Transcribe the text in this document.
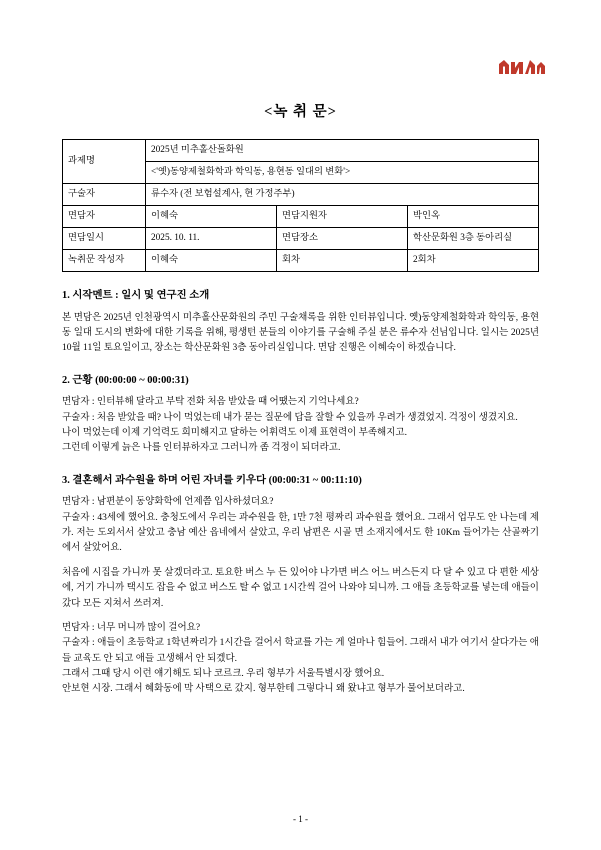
<녹 취 문>
과제명	2025년 미추홀산돌화원		
	<'옛)동양제철화학과 학익동, 용현동 일대의 변화'>		
구술자	류수자 (전 보험설계사, 현 가정주부)		
면담자	이혜숙	면담지원자	박인옥
면담일시	2025. 10. 11.	면담장소	학산문화원 3층 동아리실
녹취문 작성자	이혜숙	회차	2회차
1. 시작멘트 : 일시 및 연구진 소개

본 면담은 2025년 인천광역시 미추홀산문화원의 주민 구술채록을 위한 인터뷰입니다. 옛)동양제철화학과 학익동, 용현동 일대 도시의 변화에 대한 기록을 위해, 평생턴 분들의 이야기를 구술해 주실 분은 류수자 선님입니다. 일시는 2025년 10월 11일 토요일이고, 장소는 학산문화원 3층 동아리실입니다. 면담 진행은 이혜숙이 하겠습니다.

2. 근황 (00:00:00 ~ 00:00:31)

면담자 : 인터뷰해 달라고 부탁 전화 처음 받았을 때 어땠는지 기억나세요?

구술자 : 처음 받았을 때? 나이 먹었는데 내가 묻는 질문에 답을 잘할 수 있을까 우려가 생겼었지. 걱정이 생겼지요.

나이 먹었는데 이제 기억력도 희미해지고 달하는 어휘력도 이제 표현력이 부족해지고.

그런데 이렇게 늙은 나를 인터뷰하자고 그러니까 좀 걱정이 되더라고.

3. 결혼해서 과수원을 하며 어린 자녀를 키우다 (00:00:31 ~ 00:11:10)

면담자 : 남편분이 동양화학에 언제쯤 입사하셨더요?

구술자 : 43세에 했어요. 충청도에서 우리는 과수원을 한, 1만 7천 평짜리 과수원을 했어요. 그래서 업무도 안 나는데 제가. 저는 도외서서 살았고 충남 예산 읍네에서 살았고, 우리 남편은 시골 면 소재지에서도 한 10Km 들어가는 산골짜기에서 살았어요.

처음에 시집을 가니까 못 살겠더라고. 토요한 버스 누 든 있어야 나가면 버스 어느 버스든지 다 달 수 있고 다 편한 세상에, 거기 가니까 택시도 잡을 수 없고 버스도 탈 수 없고 1시간씩 걸어 나와야 되니까. 그 애들 초등학교를 넣는데 애들이 갔다 모든 지쳐서 쓰러져.

면담자 : 너무 머니까 많이 걸어요?

구술자 : 애들이 초등학교 1학년짜리가 1시간을 걸어서 학교를 가는 게 얼마나 힘들어. 그래서 내가 여기서 살다가는 애들 교육도 안 되고 애들 고생해서 안 되겠다.

그래서 그때 당시 이런 얘기해도 되나 코르크. 우리 형부가 서울특별시장 했어요.

안보현 시장. 그래서 혜화동에 막 사택으로 갔지. 형부한테 그렇다니 왜 왔냐고 형부가 물어보더라고.

- 1 -
